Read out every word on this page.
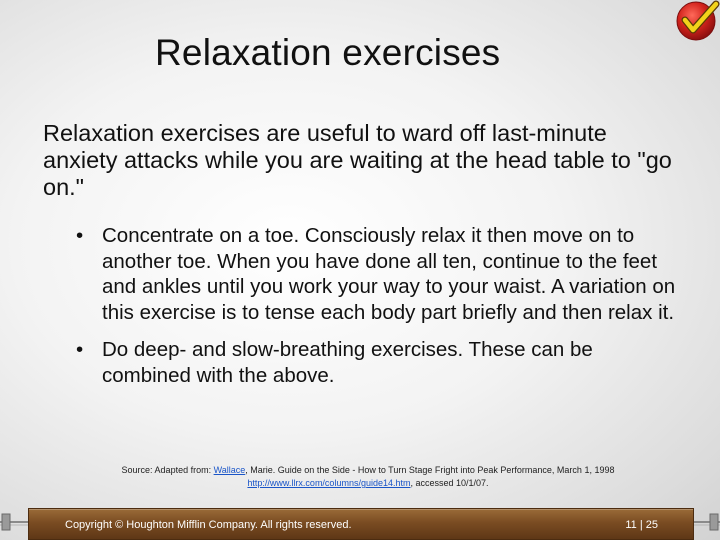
Relaxation exercises
Relaxation exercises are useful to ward off last-minute anxiety attacks while you are waiting at the head table to "go on."
• Concentrate on a toe. Consciously relax it then move on to another toe. When you have done all ten, continue to the feet and ankles until you work your way to your waist. A variation on this exercise is to tense each body part briefly and then relax it.
• Do deep- and slow-breathing exercises. These can be combined with the above.
Source: Adapted from: Wallace, Marie. Guide on the Side - How to Turn Stage Fright into Peak Performance, March 1, 1998
http://www.llrx.com/columns/guide14.htm, accessed 10/1/07.
Copyright © Houghton Mifflin Company. All rights reserved.	11 | 25
